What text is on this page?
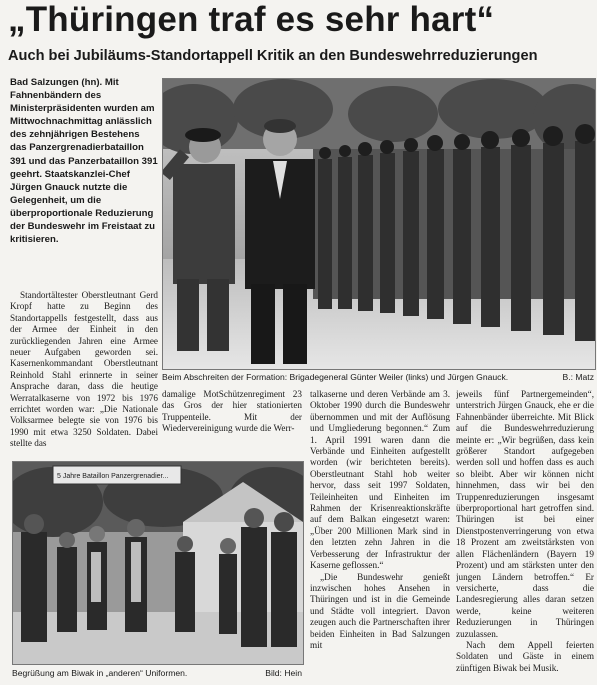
„Thüringen traf es sehr hart“
Auch bei Jubiläums-Standortappell Kritik an den Bundeswehrreduzierungen
Bad Salzungen (hn). Mit Fahnenbändern des Ministerpräsidenten wurden am Mittwochnachmittag anlässlich des zehnjährigen Bestehens das Panzergrenadierbataillon 391 und das Panzerbataillon 391 geehrt. Staatskanzlei-Chef Jürgen Gnauck nutzte die Gelegenheit, um die überproportionale Reduzierung der Bundeswehr im Freistaat zu kritisieren.
Beim Abschreiten der Formation: Brigadegeneral Günter Weiler (links) und Jürgen Gnauck.	B.: Matz

Standortältester Oberstleutnant Gerd Kropf hatte zu Beginn des Standortappells festgestellt, dass aus der Armee der Einheit in den zurückliegenden Jahren eine Armee neuer Aufgaben geworden sei. Kasernenkommandant Oberstleutnant Reinhold Stahl erinnerte in seiner Ansprache daran, dass die heutige Werratalkaserne von 1972 bis 1976 errichtet worden war: „Die Nationale Volksarmee belegte sie von 1976 bis 1990 mit etwa 3250 Soldaten. Dabei stellte das

damalige MotSchützenregiment 23 das Gros der hier stationierten Truppenteile. Mit der Wiedervereinigung wurde die Werr-

talkaserne und deren Verbände am 3. Oktober 1990 durch die Bundeswehr übernommen und mit der Auflösung und Umgliederung begonnen.“ Zum 1. April 1991 waren dann die Verbände und Einheiten aufgestellt worden (wir berichteten bereits). Oberstleutnant Stahl hob weiter hervor, dass seit 1997 Soldaten, Teileinheiten und Einheiten im Rahmen der Krisenreaktionskräfte auf dem Balkan eingesetzt waren: „Über 200 Millionen Mark sind in den letzten zehn Jahren in die Verbesserung der Infrastruktur der Kaserne geflossen.“

„Die Bundeswehr genießt inzwischen hohes Ansehen in Thüringen und ist in die Gemeinde und Städte voll integriert. Davon zeugen auch die Partnerschaften ihrer beiden Einheiten in Bad Salzungen mit

jeweils fünf Partnergemeinden“, unterstrich Jürgen Gnauck, ehe er die Fahnenbänder überreichte. Mit Blick auf die Bundeswehrreduzierung meinte er: „Wir begrüßen, dass kein größerer Standort aufgegeben werden soll und hoffen dass es auch so bleibt. Aber wir können nicht hinnehmen, dass wir bei den Truppenreduzierungen insgesamt überproportional hart getroffen sind. Thüringen ist bei einer Dienstpostenverringerung von etwa 18 Prozent am zweitstärksten von allen Flächenländern (Bayern 19 Prozent) und am stärksten unter den jungen Ländern betroffen.“ Er versicherte, dass die Landesregierung alles daran setzen werde, keine weiteren Reduzierungen in Thüringen zuzulassen.

Nach dem Appell feierten Soldaten und Gäste in einem zünftigen Biwak bei Musik.

5 Jahre Bataillon Panzergrenadier...
Begrüßung am Biwak in „anderen“ Uniformen.	Bild: Hein
